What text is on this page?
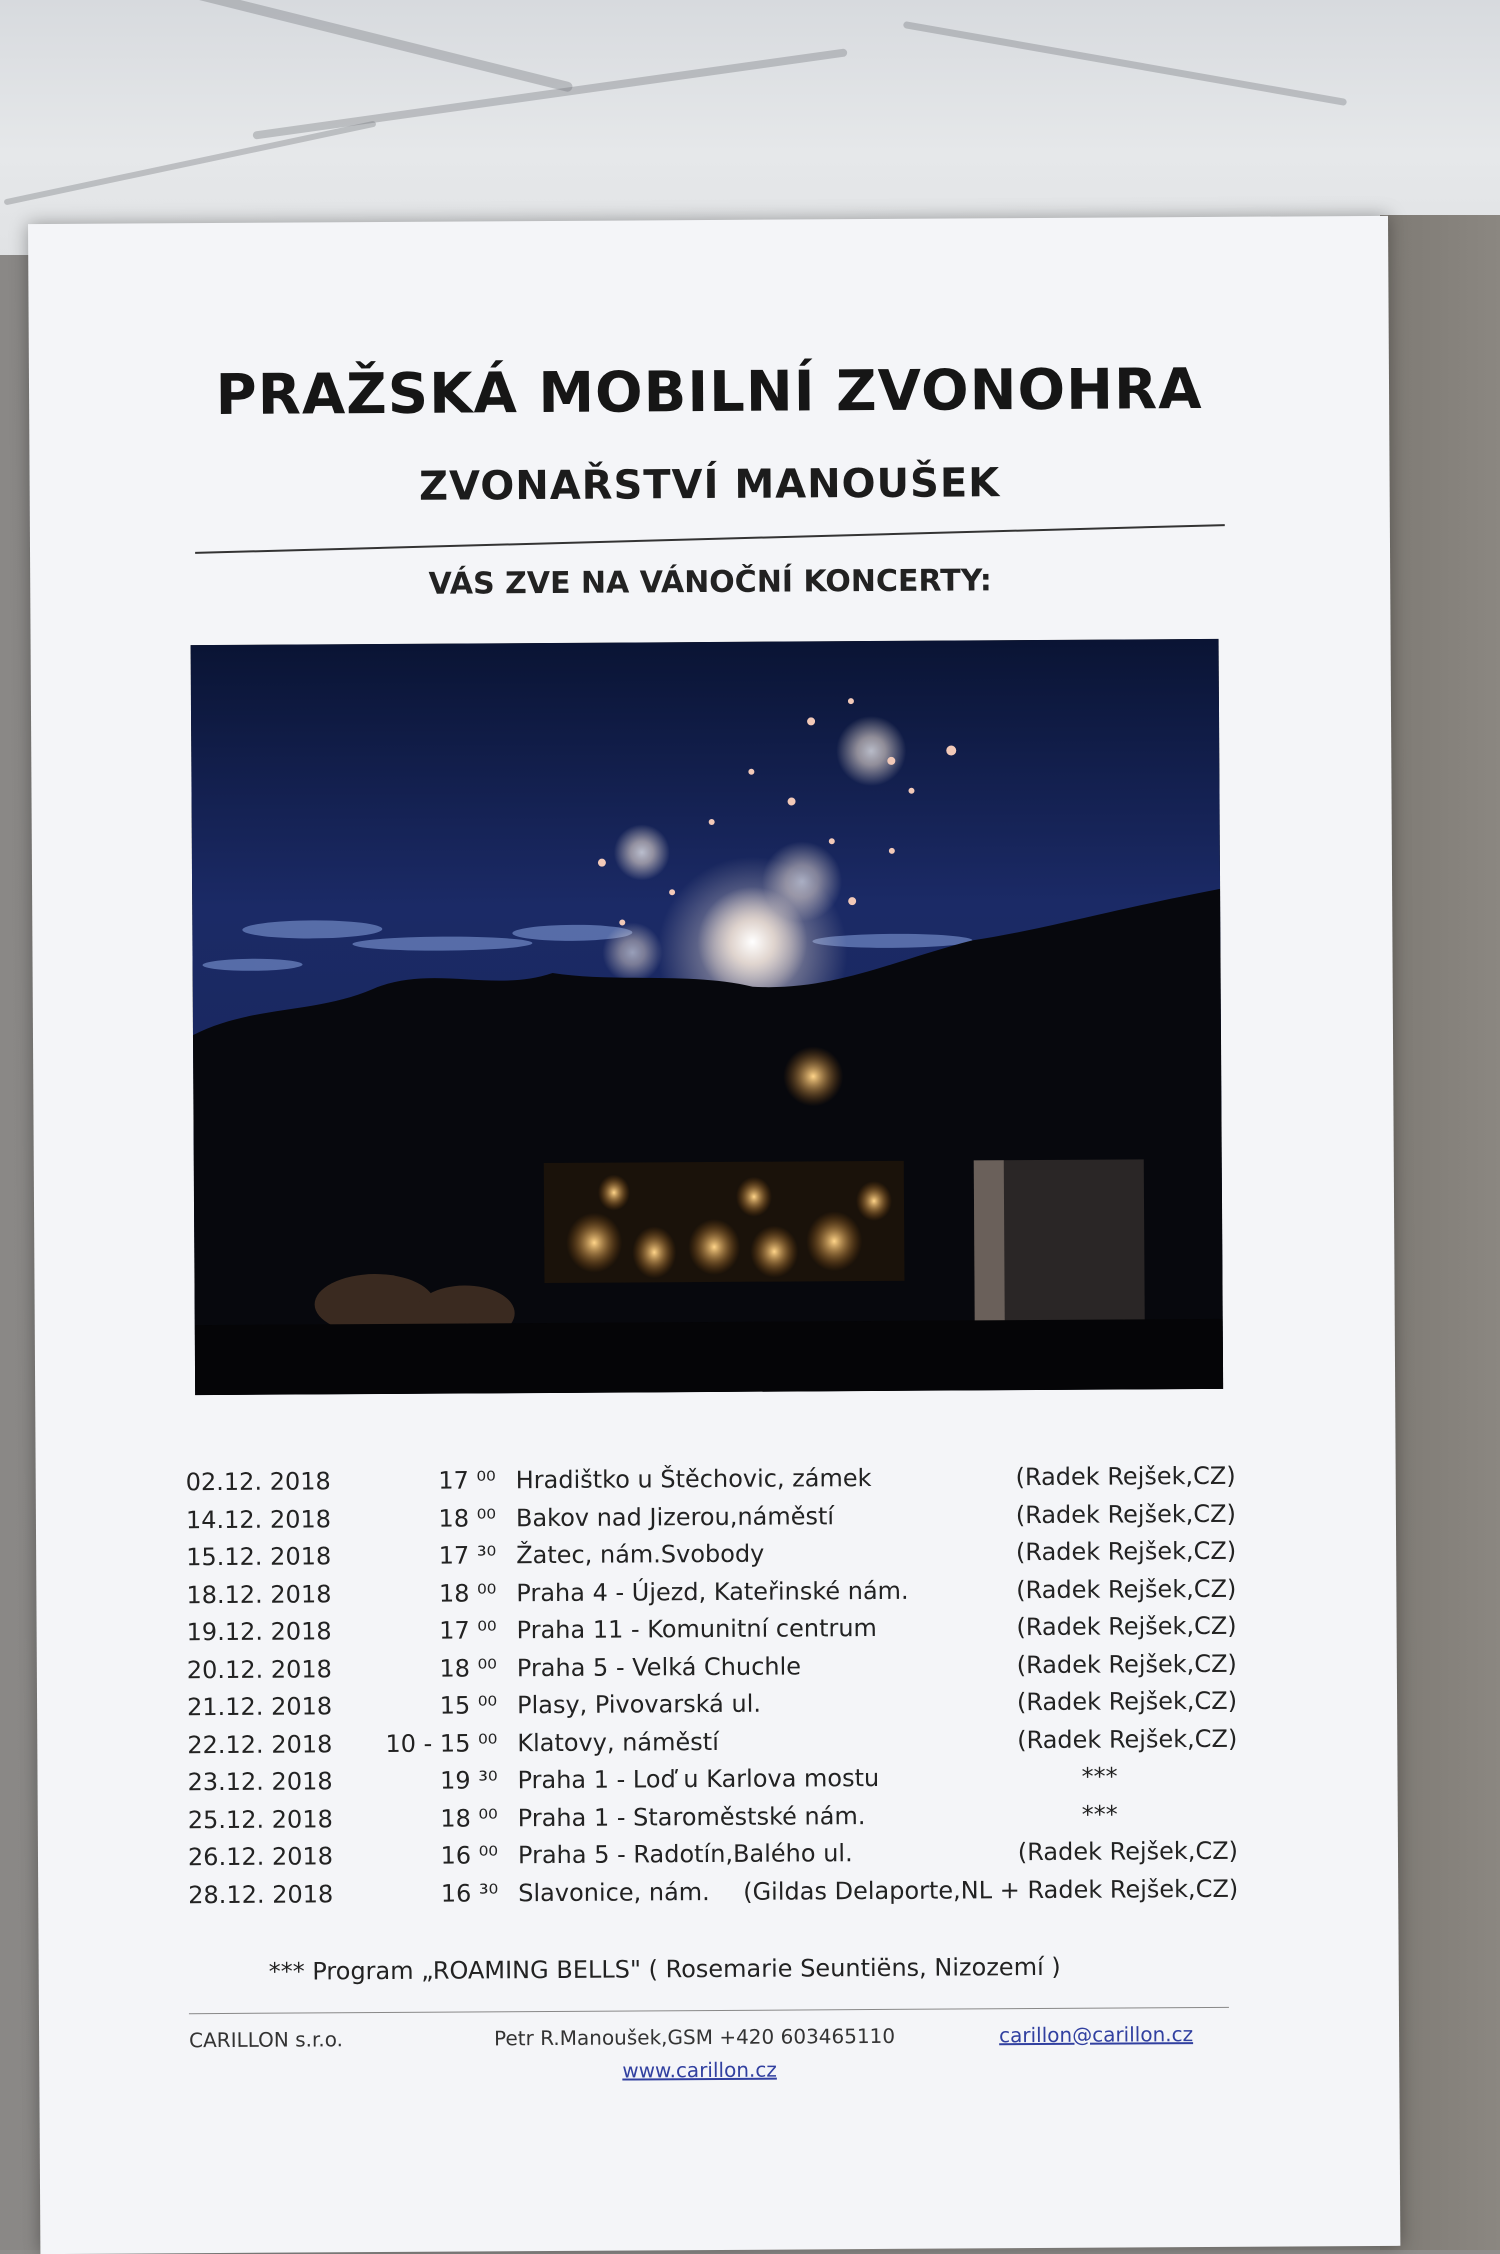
PRAŽSKÁ MOBILNÍ ZVONOHRA
ZVONAŘSTVÍ MANOUŠEK
VÁS ZVE NA VÁNOČNÍ KONCERTY:
02.12. 2018	17 ⁰⁰ Hradištko u Štěchovic, zámek	(Radek Rejšek,CZ)
14.12. 2018	18 ⁰⁰ Bakov nad Jizerou,náměstí	(Radek Rejšek,CZ)
15.12. 2018	17 ³⁰ Žatec, nám.Svobody	(Radek Rejšek,CZ)
18.12. 2018	18 ⁰⁰ Praha 4 - Újezd, Kateřinské nám.	(Radek Rejšek,CZ)
19.12. 2018	17 ⁰⁰ Praha 11 - Komunitní centrum	(Radek Rejšek,CZ)
20.12. 2018	18 ⁰⁰ Praha 5 - Velká Chuchle	(Radek Rejšek,CZ)
21.12. 2018	15 ⁰⁰ Plasy, Pivovarská ul.	(Radek Rejšek,CZ)
22.12. 2018	10 - 15 ⁰⁰ Klatovy, náměstí	(Radek Rejšek,CZ)
23.12. 2018	19 ³⁰ Praha 1 - Loď u Karlova mostu	***
25.12. 2018	18 ⁰⁰ Praha 1 - Staroměstské nám.	***
26.12. 2018	16 ⁰⁰ Praha 5 - Radotín,Balého ul.	(Radek Rejšek,CZ)
28.12. 2018	16 ³⁰ Slavonice, nám. (Gildas Delaporte,NL + Radek Rejšek,CZ)
*** Program „ROAMING BELLS" ( Rosemarie Seuntiëns, Nizozemí )
CARILLON s.r.o.	Petr R.Manoušek,GSM +420 603465110	carillon@carillon.cz
www.carillon.cz
